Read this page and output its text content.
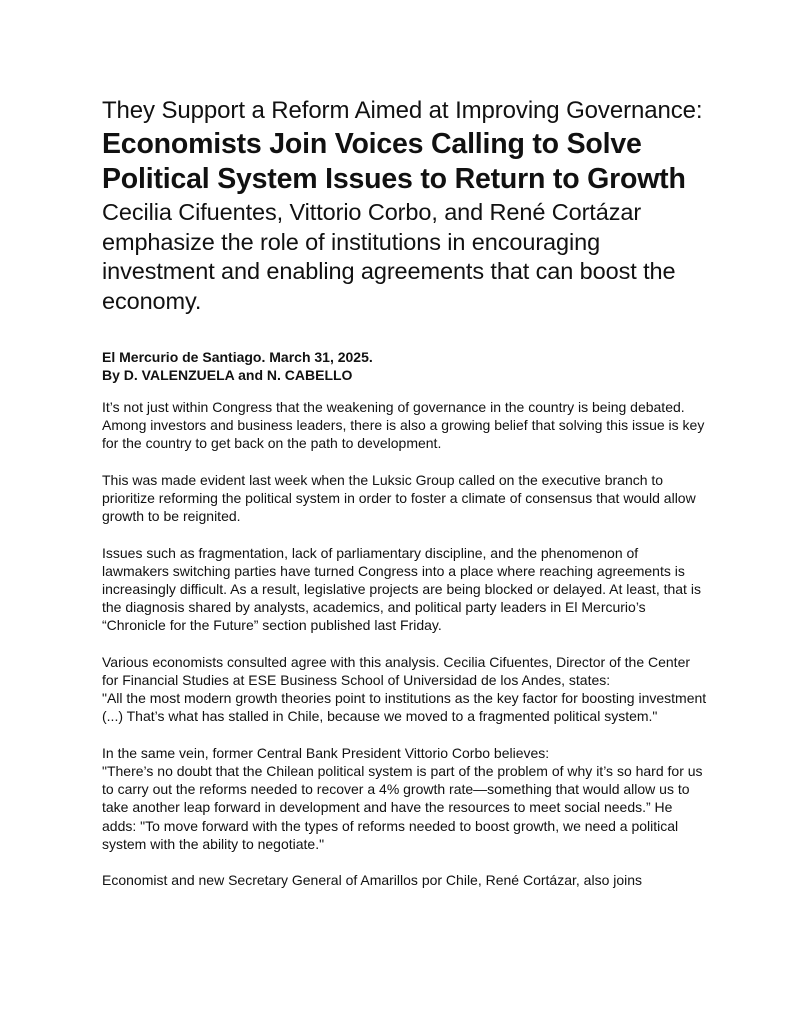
They Support a Reform Aimed at Improving Governance:
Economists Join Voices Calling to Solve Political System Issues to Return to Growth
Cecilia Cifuentes, Vittorio Corbo, and René Cortázar emphasize the role of institutions in encouraging investment and enabling agreements that can boost the economy.
El Mercurio de Santiago. March 31, 2025.
By D. VALENZUELA and N. CABELLO

It’s not just within Congress that the weakening of governance in the country is being debated. Among investors and business leaders, there is also a growing belief that solving this issue is key for the country to get back on the path to development.

This was made evident last week when the Luksic Group called on the executive branch to prioritize reforming the political system in order to foster a climate of consensus that would allow growth to be reignited.

Issues such as fragmentation, lack of parliamentary discipline, and the phenomenon of lawmakers switching parties have turned Congress into a place where reaching agreements is increasingly difficult. As a result, legislative projects are being blocked or delayed. At least, that is the diagnosis shared by analysts, academics, and political party leaders in El Mercurio’s “Chronicle for the Future” section published last Friday.

Various economists consulted agree with this analysis. Cecilia Cifuentes, Director of the Center for Financial Studies at ESE Business School of Universidad de los Andes, states:
"All the most modern growth theories point to institutions as the key factor for boosting investment (...) That’s what has stalled in Chile, because we moved to a fragmented political system."

In the same vein, former Central Bank President Vittorio Corbo believes:
"There’s no doubt that the Chilean political system is part of the problem of why it’s so hard for us to carry out the reforms needed to recover a 4% growth rate—something that would allow us to take another leap forward in development and have the resources to meet social needs.” He adds: "To move forward with the types of reforms needed to boost growth, we need a political system with the ability to negotiate."

Economist and new Secretary General of Amarillos por Chile, René Cortázar, also joins
